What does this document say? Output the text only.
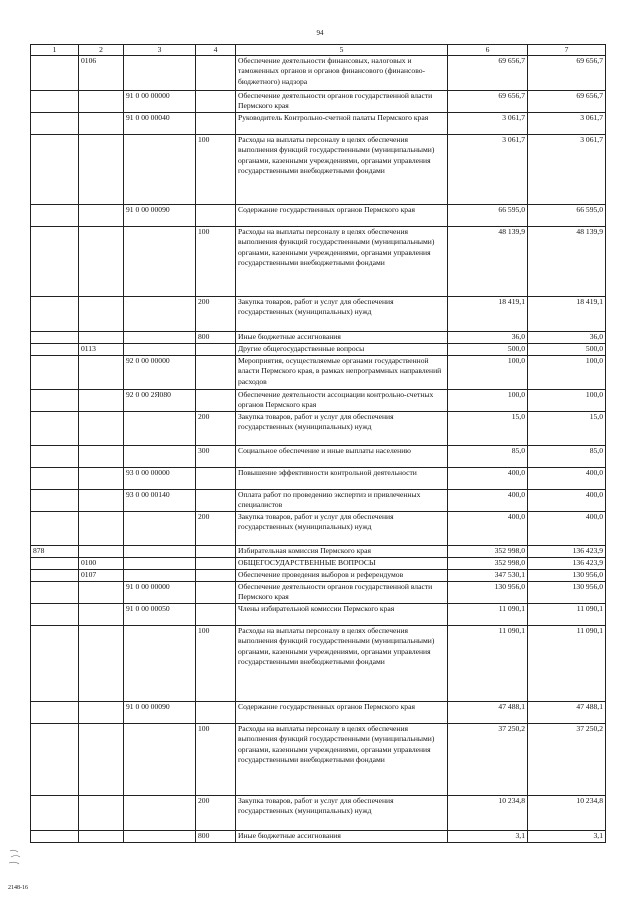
94
1	2	3	4	5	6	7
	0106			Обеспечение деятельности финансовых, налоговых и таможенных органов и органов финансового (финансово-бюджетного) надзора	69 656,7	69 656,7
		91 0 00 00000		Обеспечение деятельности органов государственной власти Пермского края	69 656,7	69 656,7
		91 0 00 00040		Руководитель Контрольно-счетной палаты Пермского края	3 061,7	3 061,7
			100	Расходы на выплаты персоналу в целях обеспечения выполнения функций государственными (муниципальными) органами, казенными учреждениями, органами управления государственными внебюджетными фондами	3 061,7	3 061,7
		91 0 00 00090		Содержание государственных органов Пермского края	66 595,0	66 595,0
			100	Расходы на выплаты персоналу в целях обеспечения выполнения функций государственными (муниципальными) органами, казенными учреждениями, органами управления государственными внебюджетными фондами	48 139,9	48 139,9
			200	Закупка товаров, работ и услуг для обеспечения государственных (муниципальных) нужд	18 419,1	18 419,1
			800	Иные бюджетные ассигнования	36,0	36,0
	0113			Другие общегосударственные вопросы	500,0	500,0
		92 0 00 00000		Мероприятия, осуществляемые органами государственной власти Пермского края, в рамках непрограммных направлений расходов	100,0	100,0
		92 0 00 2Я080		Обеспечение деятельности ассоциации контрольно-счетных органов Пермского края	100,0	100,0
			200	Закупка товаров, работ и услуг для обеспечения государственных (муниципальных) нужд	15,0	15,0
			300	Социальное обеспечение и иные выплаты населению	85,0	85,0
		93 0 00 00000		Повышение эффективности контрольной деятельности	400,0	400,0
		93 0 00 00140		Оплата работ по проведению экспертиз и привлеченных специалистов	400,0	400,0
			200	Закупка товаров, работ и услуг для обеспечения государственных (муниципальных) нужд	400,0	400,0
878				Избирательная комиссия Пермского края	352 998,0	136 423,9
	0100			ОБЩЕГОСУДАРСТВЕННЫЕ ВОПРОСЫ	352 998,0	136 423,9
	0107			Обеспечение проведения выборов и референдумов	347 530,1	130 956,0
		91 0 00 00000		Обеспечение деятельности органов государственной власти Пермского края	130 956,0	130 956,0
		91 0 00 00050		Члены избирательной комиссии Пермского края	11 090,1	11 090,1
			100	Расходы на выплаты персоналу в целях обеспечения выполнения функций государственными (муниципальными) органами, казенными учреждениями, органами управления государственными внебюджетными фондами	11 090,1	11 090,1
		91 0 00 00090		Содержание государственных органов Пермского края	47 488,1	47 488,1
			100	Расходы на выплаты персоналу в целях обеспечения выполнения функций государственными (муниципальными) органами, казенными учреждениями, органами управления государственными внебюджетными фондами	37 250,2	37 250,2
			200	Закупка товаров, работ и услуг для обеспечения государственных (муниципальных) нужд	10 234,8	10 234,8
			800	Иные бюджетные ассигнования	3,1	3,1
2148-16
